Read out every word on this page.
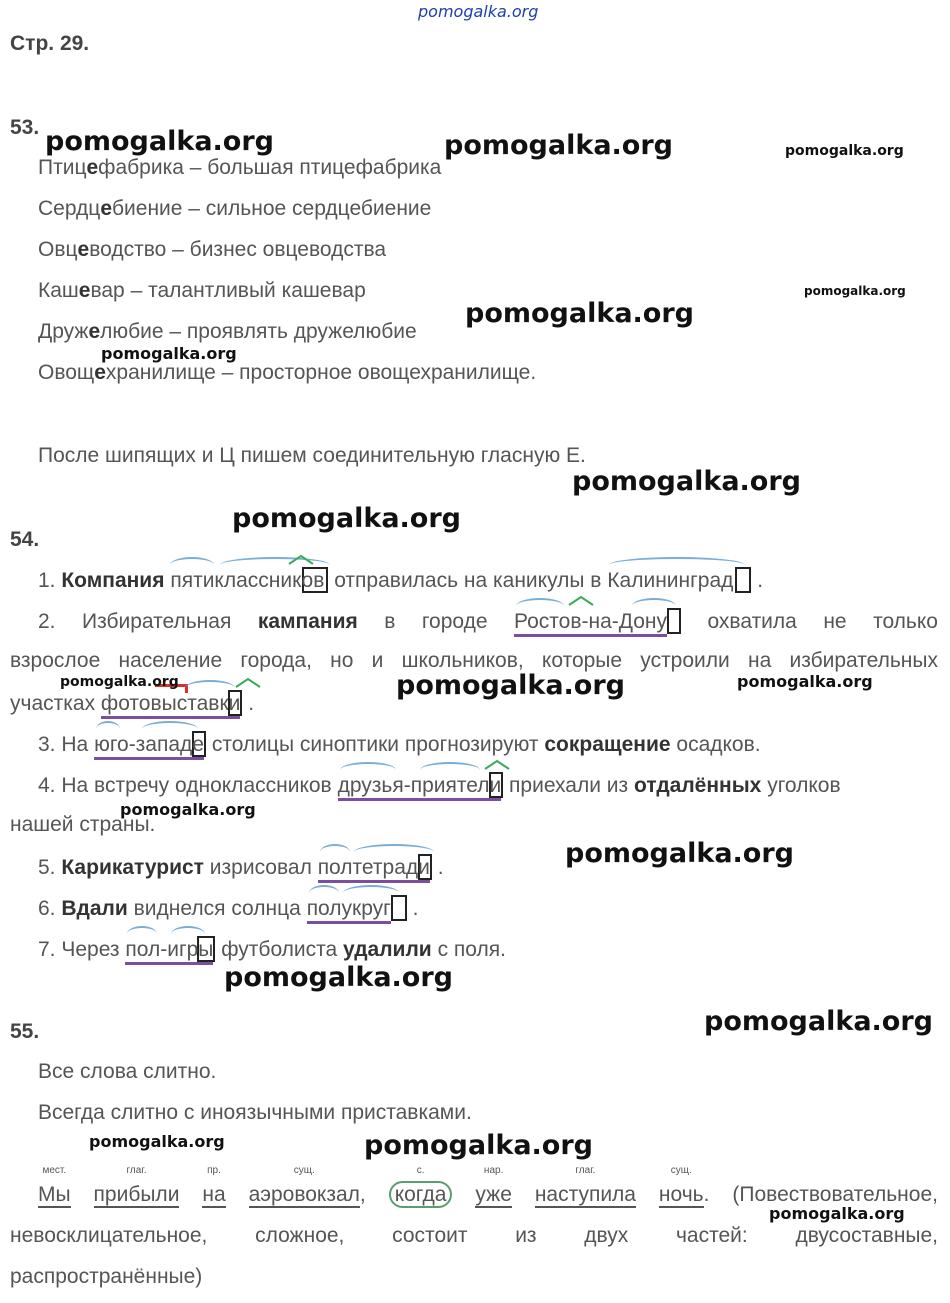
pomogalka.org
Стр. 29.
53.
Птицефабрика – большая птицефабрика
Сердцебиение – сильное сердцебиение
Овцеводство – бизнес овцеводства
Кашевар – талантливый кашевар
Дружелюбие – проявлять дружелюбие
Овощехранилище – просторное овощехранилище.
После шипящих и Ц пишем соединительную гласную Е.
54.
1. Компания пятиклассников отправилась на каникулы в Калининград .
2. Избирательная кампания в городе Ростов-на-Дону охватила не только
взрослое население города, но и школьников, которые устроили на избирательных
участках фотовыставки .
3. На юго-западе столицы синоптики прогнозируют сокращение осадков.
4. На встречу одноклассников друзья-приятели приехали из отдалённых уголков
нашей страны.
5. Карикатурист изрисовал полтетради .
6. Вдали виднелся солнца полукруг .
7. Через пол-игры футболиста удалили с поля.
55.
Все слова слитно.
Всегда слитно с иноязычными приставками.
мест.
Мы
глаг.
прибыли
пр.
на
сущ.
аэровокзал,
с.
когда
нар.
уже
глаг.
наступила
сущ.
ночь. (Повествовательное,
невосклицательное, сложное, состоит из двух частей: двусоставные,
распространённые)
pomogalka.org	pomogalka.org	pomogalka.org
pomogalka.org
pomogalka.org
pomogalka.org
pomogalka.org
pomogalka.org
pomogalka.org	pomogalka.org	pomogalka.org
pomogalka.org
pomogalka.org
pomogalka.org
pomogalka.org
pomogalka.org	pomogalka.org
pomogalka.org
